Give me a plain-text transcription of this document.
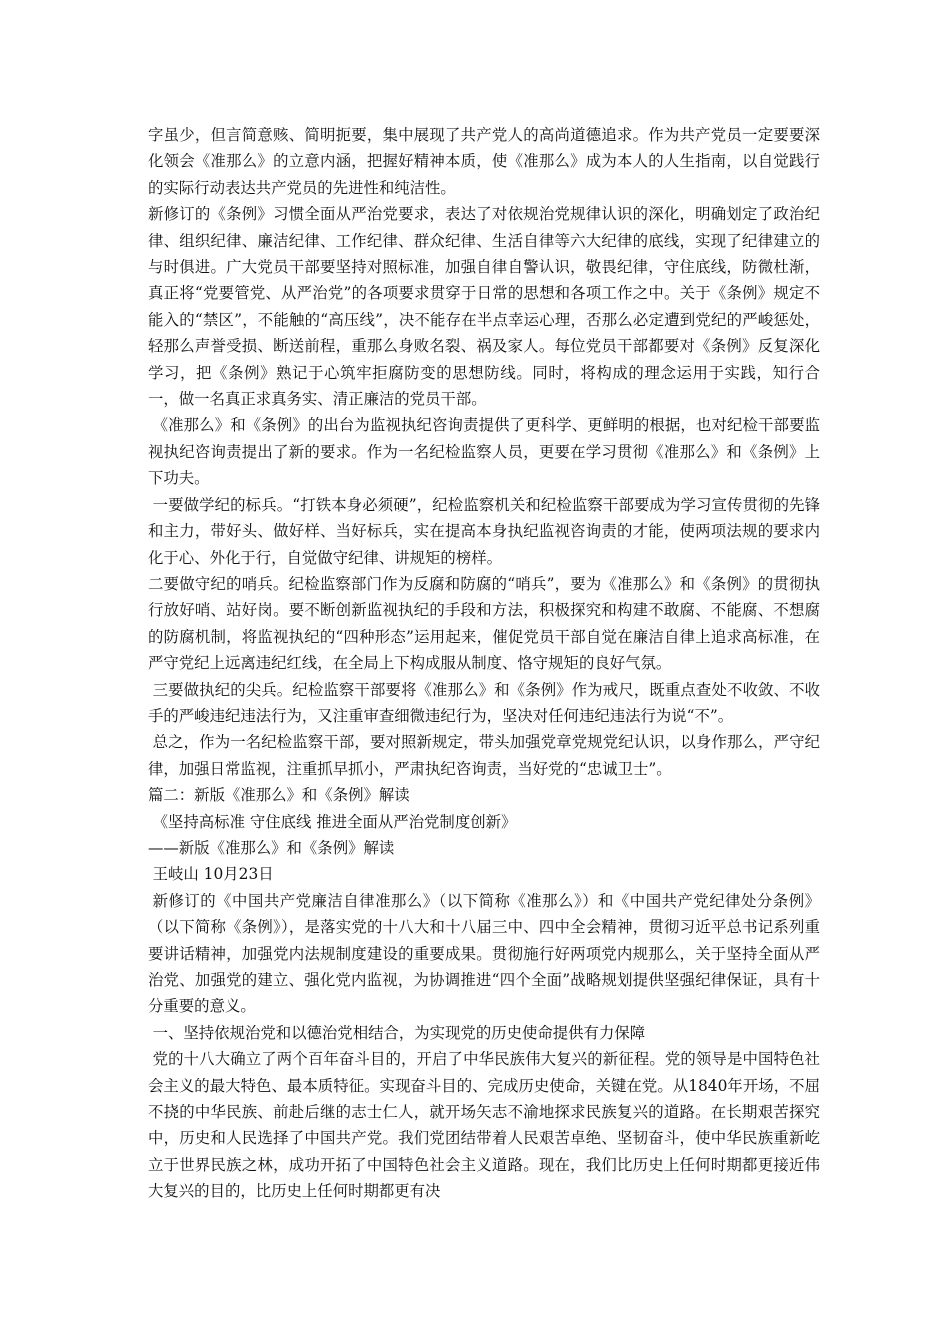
字虽少，但言简意赅、简明扼要，集中展现了共产党人的高尚道德追求。作为共产党员一定要要深化领会《准那么》的立意内涵，把握好精神本质，使《准那么》成为本人的人生指南，以自觉践行的实际行动表达共产党员的先进性和纯洁性。

新修订的《条例》习惯全面从严治党要求，表达了对依规治党规律认识的深化，明确划定了政治纪律、组织纪律、廉洁纪律、工作纪律、群众纪律、生活自律等六大纪律的底线，实现了纪律建立的与时俱进。广大党员干部要坚持对照标准，加强自律自警认识，敬畏纪律，守住底线，防微杜渐，真正将“党要管党、从严治党”的各项要求贯穿于日常的思想和各项工作之中。关于《条例》规定不能入的“禁区”，不能触的“高压线”，决不能存在半点幸运心理，否那么必定遭到党纪的严峻惩处，轻那么声誉受损、断送前程，重那么身败名裂、祸及家人。每位党员干部都要对《条例》反复深化学习，把《条例》熟记于心筑牢拒腐防变的思想防线。同时，将构成的理念运用于实践，知行合一，做一名真正求真务实、清正廉洁的党员干部。

《准那么》和《条例》的出台为监视执纪咨询责提供了更科学、更鲜明的根据，也对纪检干部要监视执纪咨询责提出了新的要求。作为一名纪检监察人员，更要在学习贯彻《准那么》和《条例》上下功夫。

一要做学纪的标兵。“打铁本身必须硬”，纪检监察机关和纪检监察干部要成为学习宣传贯彻的先锋和主力，带好头、做好样、当好标兵，实在提高本身执纪监视咨询责的才能，使两项法规的要求内化于心、外化于行，自觉做守纪律、讲规矩的榜样。

二要做守纪的哨兵。纪检监察部门作为反腐和防腐的“哨兵”，要为《准那么》和《条例》的贯彻执行放好哨、站好岗。要不断创新监视执纪的手段和方法，积极探究和构建不敢腐、不能腐、不想腐的防腐机制，将监视执纪的“四种形态”运用起来，催促党员干部自觉在廉洁自律上追求高标准，在严守党纪上远离违纪红线，在全局上下构成服从制度、恪守规矩的良好气氛。

三要做执纪的尖兵。纪检监察干部要将《准那么》和《条例》作为戒尺，既重点查处不收敛、不收手的严峻违纪违法行为，又注重审查细微违纪行为，坚决对任何违纪违法行为说“不”。

总之，作为一名纪检监察干部，要对照新规定，带头加强党章党规党纪认识，以身作那么，严守纪律，加强日常监视，注重抓早抓小，严肃执纪咨询责，当好党的“忠诚卫士”。

篇二：新版《准那么》和《条例》解读

《坚持高标准 守住底线 推进全面从严治党制度创新》

——新版《准那么》和《条例》解读

王岐山 10月23日

新修订的《中国共产党廉洁自律准那么》（以下简称《准那么》）和《中国共产党纪律处分条例》（以下简称《条例》），是落实党的十八大和十八届三中、四中全会精神，贯彻习近平总书记系列重要讲话精神，加强党内法规制度建设的重要成果。贯彻施行好两项党内规那么，关于坚持全面从严治党、加强党的建立、强化党内监视，为协调推进“四个全面”战略规划提供坚强纪律保证，具有十分重要的意义。

一、坚持依规治党和以德治党相结合，为实现党的历史使命提供有力保障

党的十八大确立了两个百年奋斗目的，开启了中华民族伟大复兴的新征程。党的领导是中国特色社会主义的最大特色、最本质特征。实现奋斗目的、完成历史使命，关键在党。从1840年开场，不屈不挠的中华民族、前赴后继的志士仁人，就开场矢志不渝地探求民族复兴的道路。在长期艰苦探究中，历史和人民选择了中国共产党。我们党团结带着人民艰苦卓绝、坚韧奋斗，使中华民族重新屹立于世界民族之林，成功开拓了中国特色社会主义道路。现在，我们比历史上任何时期都更接近伟大复兴的目的，比历史上任何时期都更有决
